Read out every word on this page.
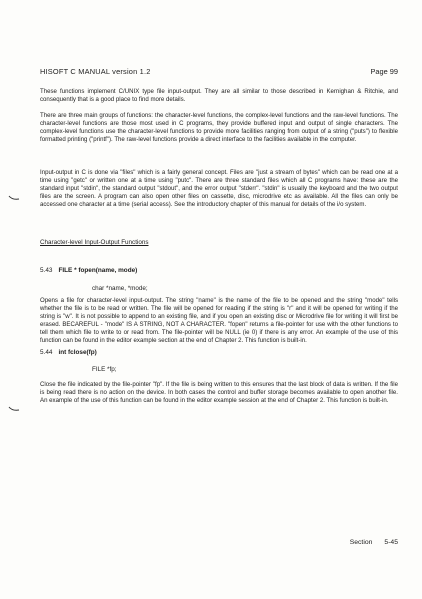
HISOFT C MANUAL version 1.2	Page 99

These functions implement C/UNIX type file input-output. They are all similar to those described in Kernighan & Ritchie, and consequently that is a good place to find more details.

There are three main groups of functions: the character-level functions, the complex-level functions and the raw-level functions. The character-level functions are those most used in C programs, they provide buffered input and output of single characters. The complex-level functions use the character-level functions to provide more facilities ranging from output of a string ("puts") to flexible formatted printing ("printf"). The raw-level functions provide a direct interface to the facilities available in the computer.

Input-output in C is done via "files" which is a fairly general concept. Files are "just a stream of bytes" which can be read one at a time using "getc" or written one at a time using "putc". There are three standard files which all C programs have: these are the standard input "stdin", the standard output "stdout", and the error output "stderr". "stdin" is usually the keyboard and the two output files are the screen. A program can also open other files on cassette, disc, microdrive etc as available. All the files can only be accessed one character at a time (serial access). See the introductory chapter of this manual for details of the i/o system.

Character-level Input-Output Functions

5.43 FILE * fopen(name, mode)

char *name, *mode;

Opens a file for character-level input-output. The string "name" is the name of the file to be opened and the string "mode" tells whether the file is to be read or written. The file will be opened for reading if the string is "r" and it will be opened for writing if the string is "w". It is not possible to append to an existing file, and if you open an existing disc or Microdrive file for writing it will first be erased. BECAREFUL - "mode" IS A STRING, NOT A CHARACTER. "fopen" returns a file-pointer for use with the other functions to tell them which file to write to or read from. The file-pointer will be NULL (ie 0) if there is any error. An example of the use of this function can be found in the editor example section at the end of Chapter 2. This function is built-in.

5.44 int fclose(fp)

FILE *fp;

Close the file indicated by the file-pointer "fp". If the file is being written to this ensures that the last block of data is written. If the file is being read there is no action on the device. In both cases the control and buffer storage becomes available to open another file. An example of the use of this function can be found in the editor example session at the end of Chapter 2. This function is built-in.

Section 5-45
